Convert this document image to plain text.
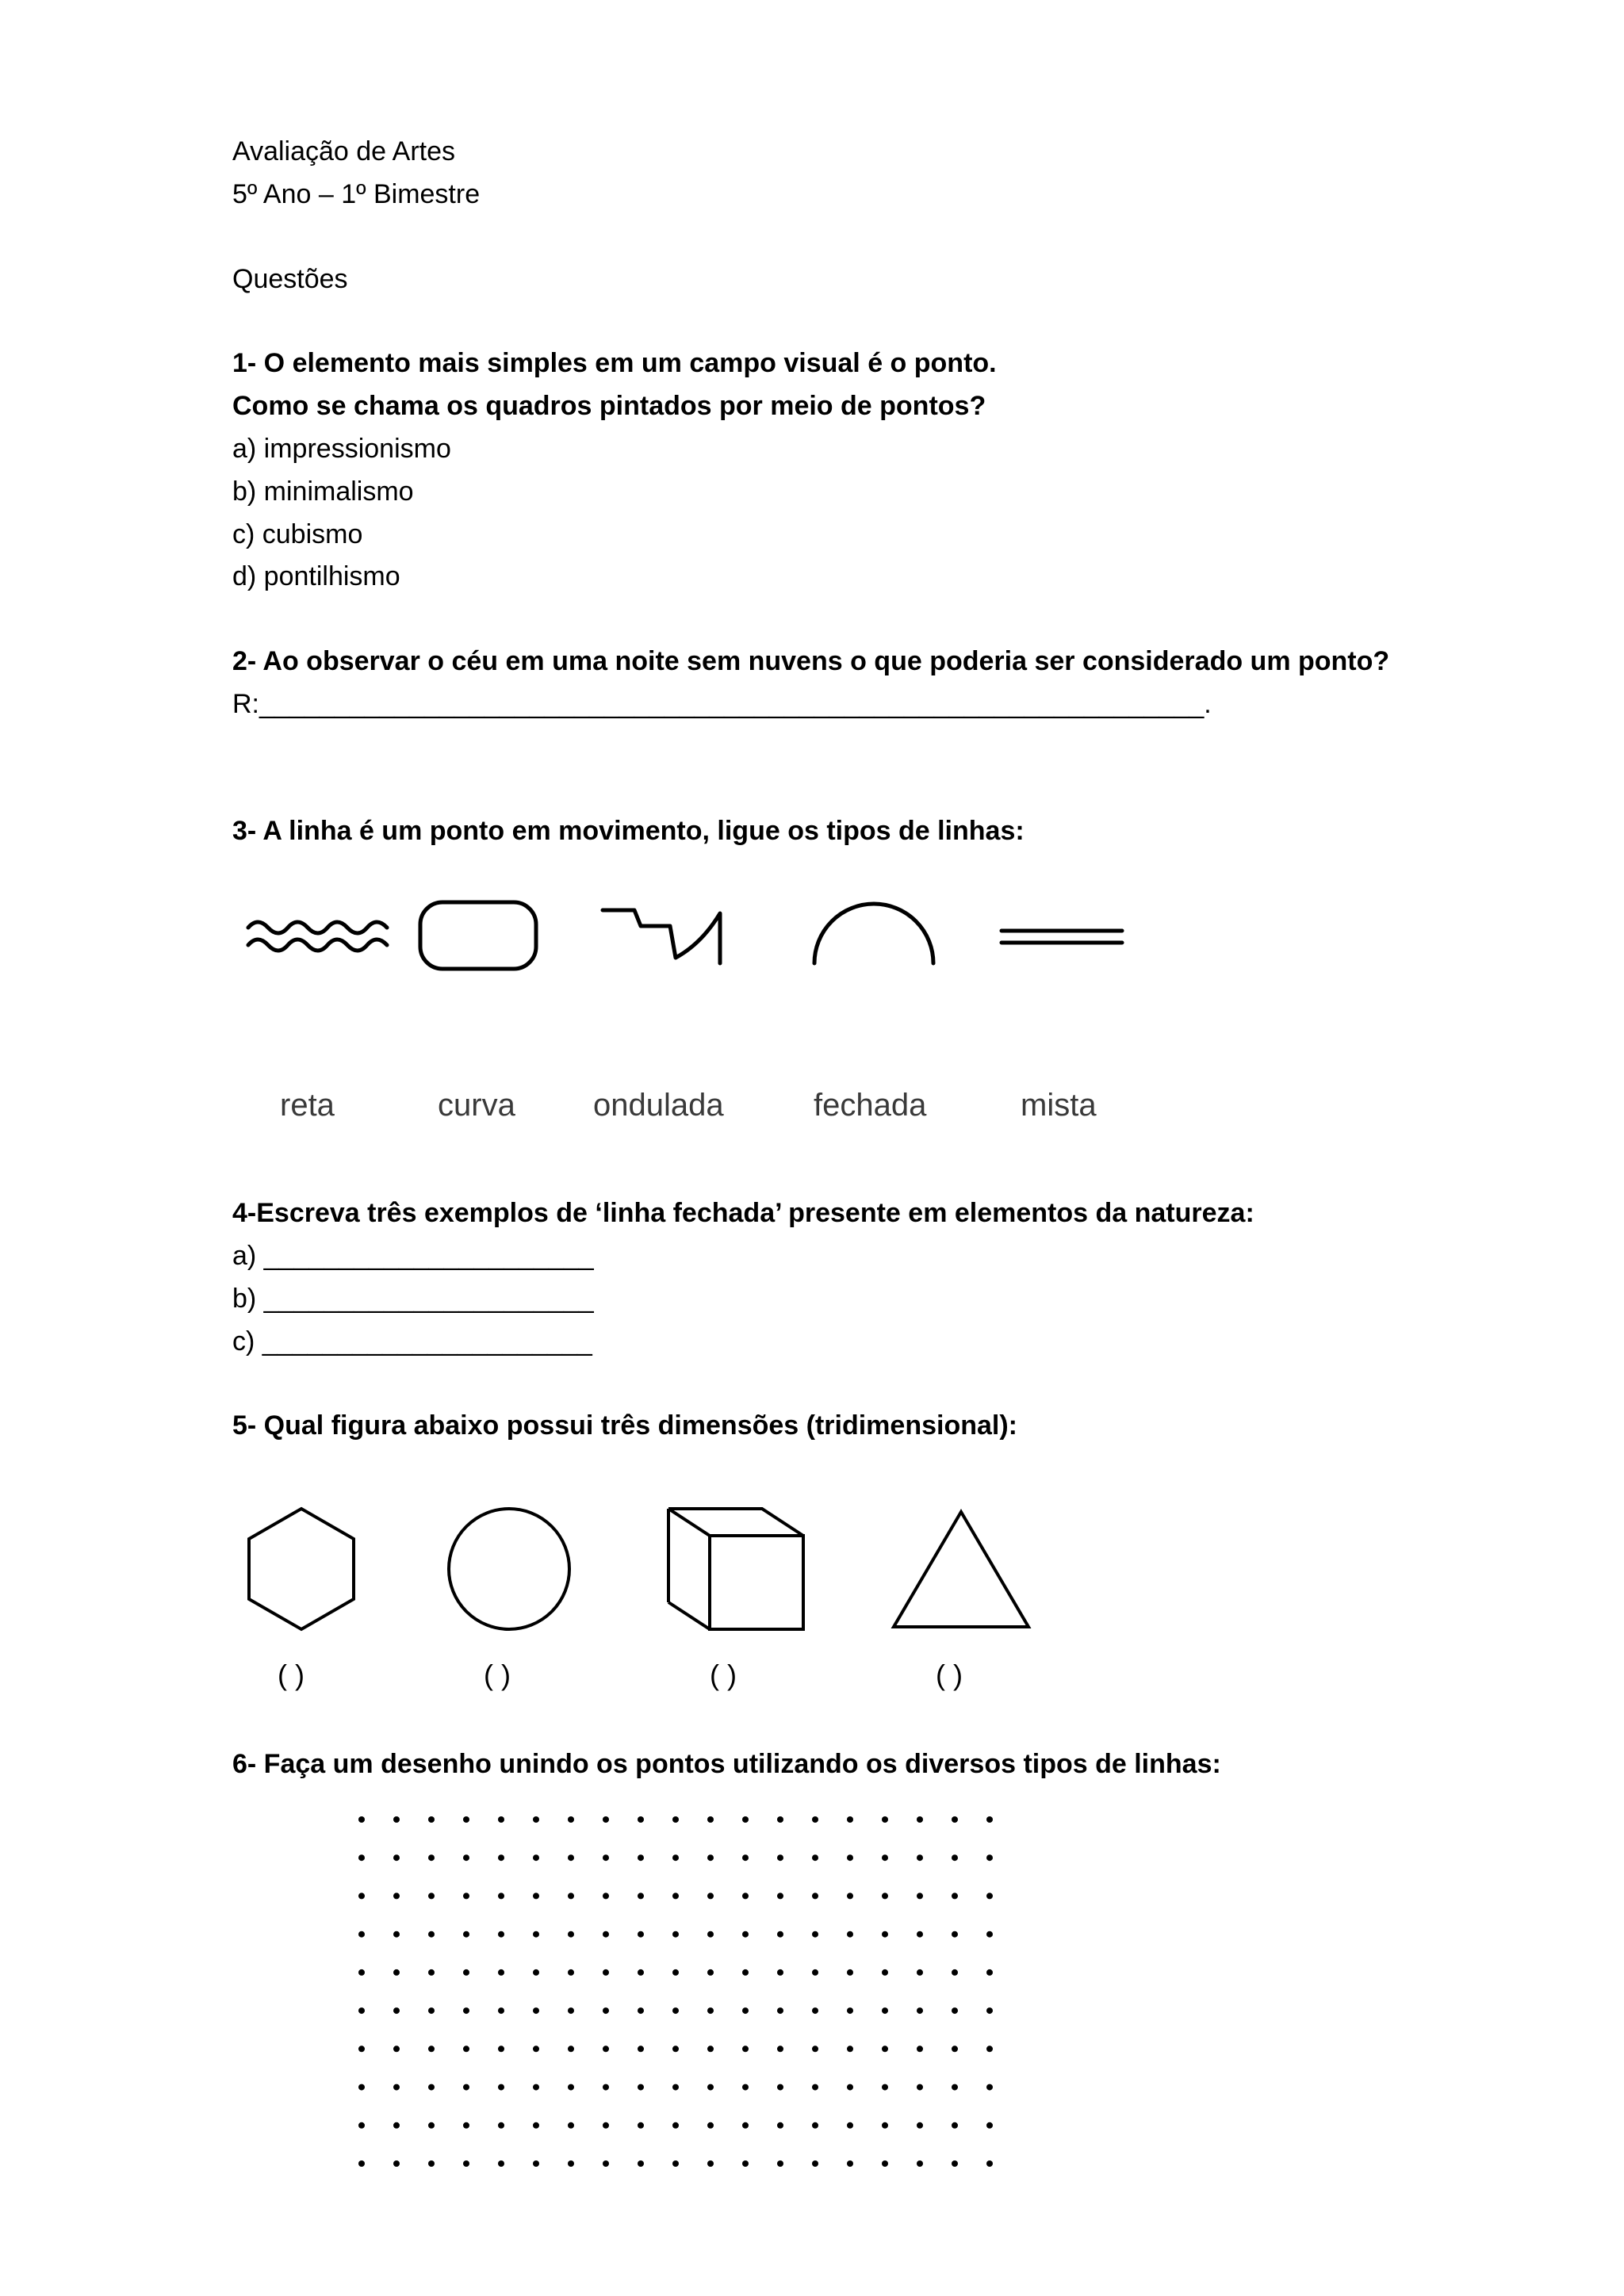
Avaliação de Artes
5º Ano – 1º Bimestre
Questões
1- O elemento mais simples em um campo visual é o ponto.
Como se chama os quadros pintados por meio de pontos?
a) impressionismo
b) minimalismo
c) cubismo
d) pontilhismo
2- Ao observar o céu em uma noite sem nuvens o que poderia ser considerado um ponto?
R:_______________________________________________________________.
3- A linha é um ponto em movimento, ligue os tipos de linhas:
reta	curva ondulada	fechada	mista
4-Escreva três exemplos de ‘linha fechada’ presente em elementos da natureza:
a) ______________________
b) ______________________
c) ______________________
5- Qual figura abaixo possui três dimensões (tridimensional):
( )	( )	( )	( )
6- Faça um desenho unindo os pontos utilizando os diversos tipos de linhas:
